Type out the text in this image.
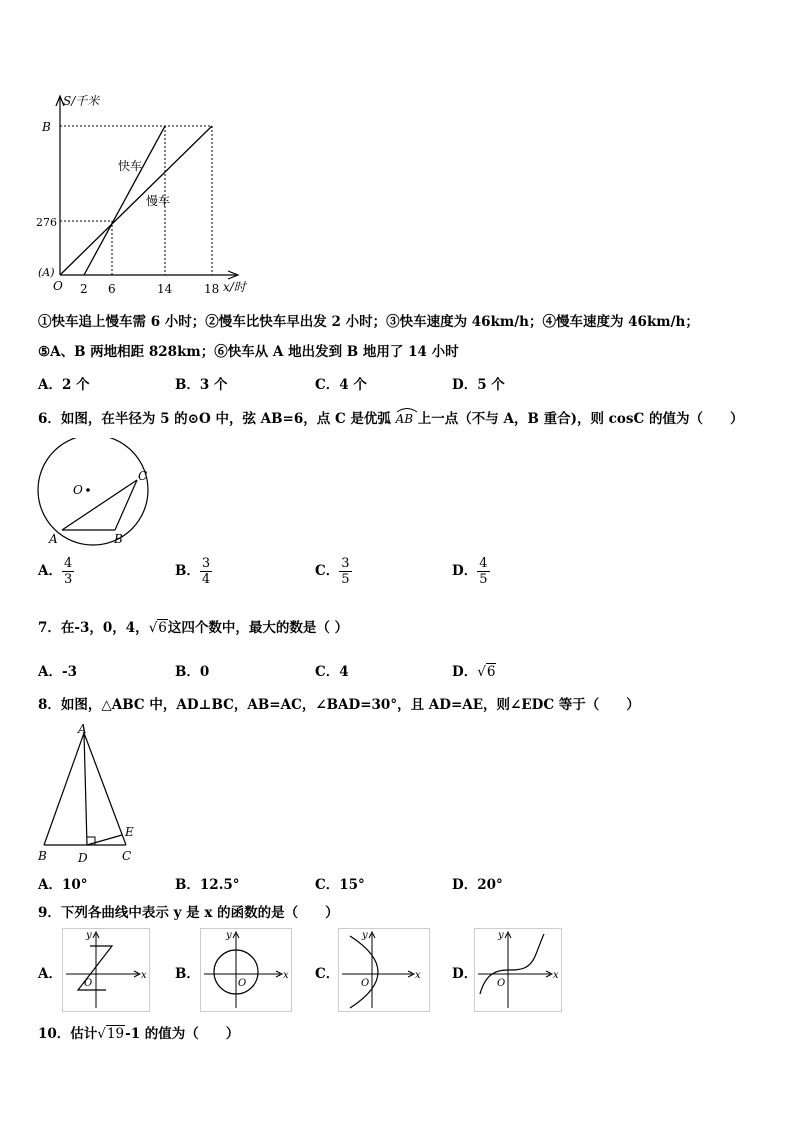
S/千米
B
276
(A)
O 2 6	14	18 x/时
快车
慢车
①快车追上慢车需 6 小时；②慢车比快车早出发 2 小时；③快车速度为 46km/h；④慢车速度为 46km/h；
⑤A、B 两地相距 828km；⑥快车从 A 地出发到 B 地用了 14 小时
A．2 个	B．3 个	C．4 个	D．5 个
6．如图，在半径为 5 的⊙O 中，弦 AB=6，点 C 是优弧 AB 上一点（不与 A，B 重合)，则 cosC 的值为（　　）
O
A	B
C
A． $\frac{4}{3}$	B． $\frac{3}{4}$	C． $\frac{3}{5}$	D． $\frac{4}{5}$
7．在-3，0，4，√6这四个数中，最大的数是（ ）
A．-3	B．0	C．4	D．√6
8．如图，△ABC 中，AD⊥BC，AB=AC，∠BAD=30°，且 AD=AE，则∠EDC 等于（　　）
A
B	D	C
E
A．10°	B．12.5°	C．15°	D．20°
9．下列各曲线中表示 y 是 x 的函数的是（　　）
A．	x
y
O
B．	x
y
O
C．	x
y
O
D．	x
y
O
10．估计√19-1 的值为（　　）
